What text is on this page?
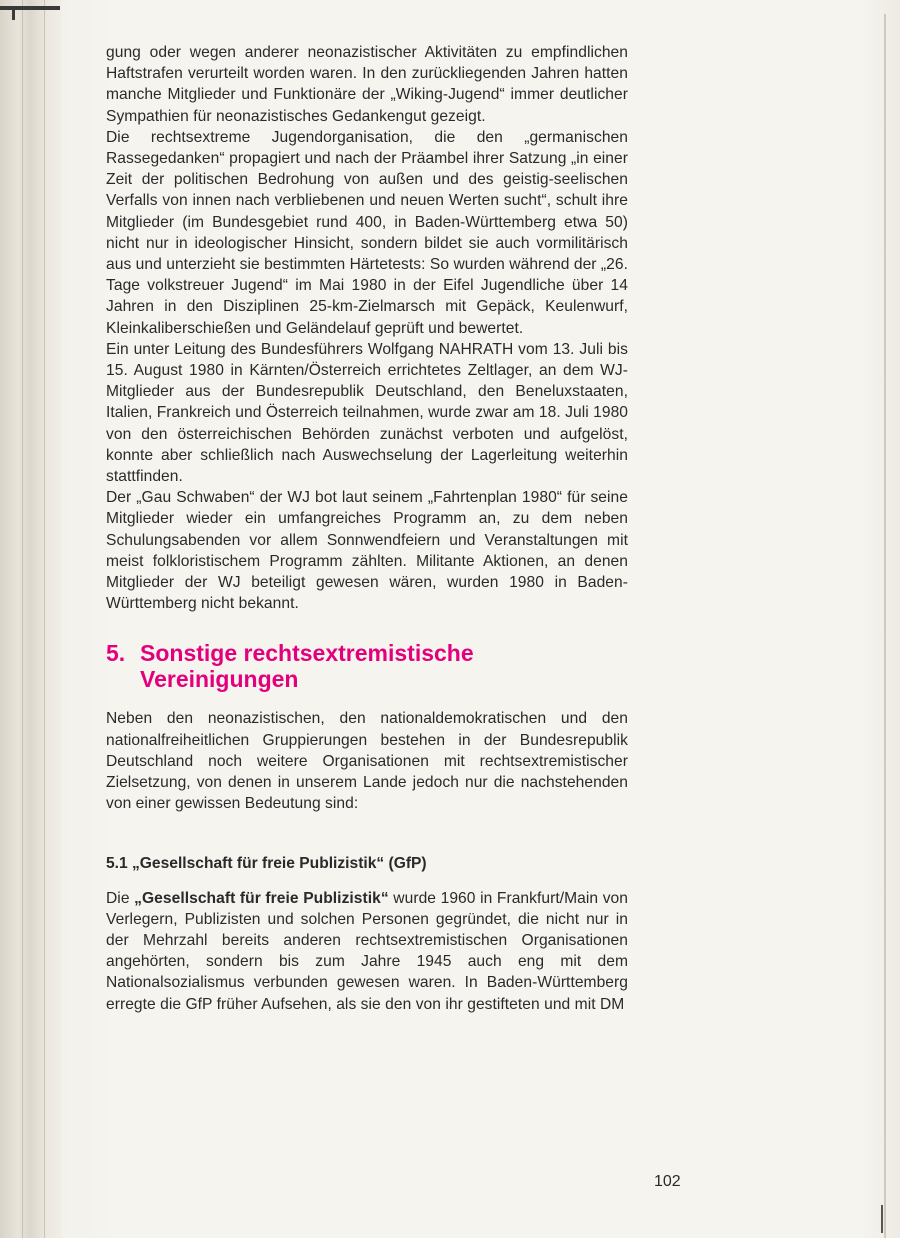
gung oder wegen anderer neonazistischer Aktivitäten zu empfindlichen Haftstrafen verurteilt worden waren. In den zurückliegenden Jahren hatten manche Mitglieder und Funktionäre der „Wiking-Jugend“ immer deutlicher Sympathien für neonazistisches Gedankengut gezeigt.

Die rechtsextreme Jugendorganisation, die den „germanischen Rassegedanken“ propagiert und nach der Präambel ihrer Satzung „in einer Zeit der politischen Bedrohung von außen und des geistig-seelischen Verfalls von innen nach verbliebenen und neuen Werten sucht“, schult ihre Mitglieder (im Bundesgebiet rund 400, in Baden-Württemberg etwa 50) nicht nur in ideologischer Hinsicht, sondern bildet sie auch vormilitärisch aus und unterzieht sie bestimmten Härtetests: So wurden während der „26. Tage volkstreuer Jugend“ im Mai 1980 in der Eifel Jugendliche über 14 Jahren in den Disziplinen 25-km-Zielmarsch mit Gepäck, Keulenwurf, Kleinkaliberschießen und Geländelauf geprüft und bewertet.

Ein unter Leitung des Bundesführers Wolfgang NAHRATH vom 13. Juli bis 15. August 1980 in Kärnten/Österreich errichtetes Zeltlager, an dem WJ-Mitglieder aus der Bundesrepublik Deutschland, den Beneluxstaaten, Italien, Frankreich und Österreich teilnahmen, wurde zwar am 18. Juli 1980 von den österreichischen Behörden zunächst verboten und aufgelöst, konnte aber schließlich nach Auswechselung der Lagerleitung weiterhin stattfinden.

Der „Gau Schwaben“ der WJ bot laut seinem „Fahrtenplan 1980“ für seine Mitglieder wieder ein umfangreiches Programm an, zu dem neben Schulungsabenden vor allem Sonnwendfeiern und Veranstaltungen mit meist folkloristischem Programm zählten. Militante Aktionen, an denen Mitglieder der WJ beteiligt gewesen wären, wurden 1980 in Baden-Württemberg nicht bekannt.

5. Sonstige rechtsextremistische
Vereinigungen

Neben den neonazistischen, den nationaldemokratischen und den nationalfreiheitlichen Gruppierungen bestehen in der Bundesrepublik Deutschland noch weitere Organisationen mit rechtsextremistischer Zielsetzung, von denen in unserem Lande jedoch nur die nachstehenden von einer gewissen Bedeutung sind:

5.1 „Gesellschaft für freie Publizistik“ (GfP)

Die „Gesellschaft für freie Publizistik“ wurde 1960 in Frankfurt/Main von Verlegern, Publizisten und solchen Personen gegründet, die nicht nur in der Mehrzahl bereits anderen rechtsextremistischen Organisationen angehörten, sondern bis zum Jahre 1945 auch eng mit dem Nationalsozialismus verbunden gewesen waren. In Baden-Württemberg erregte die GfP früher Aufsehen, als sie den von ihr gestifteten und mit DM

102
